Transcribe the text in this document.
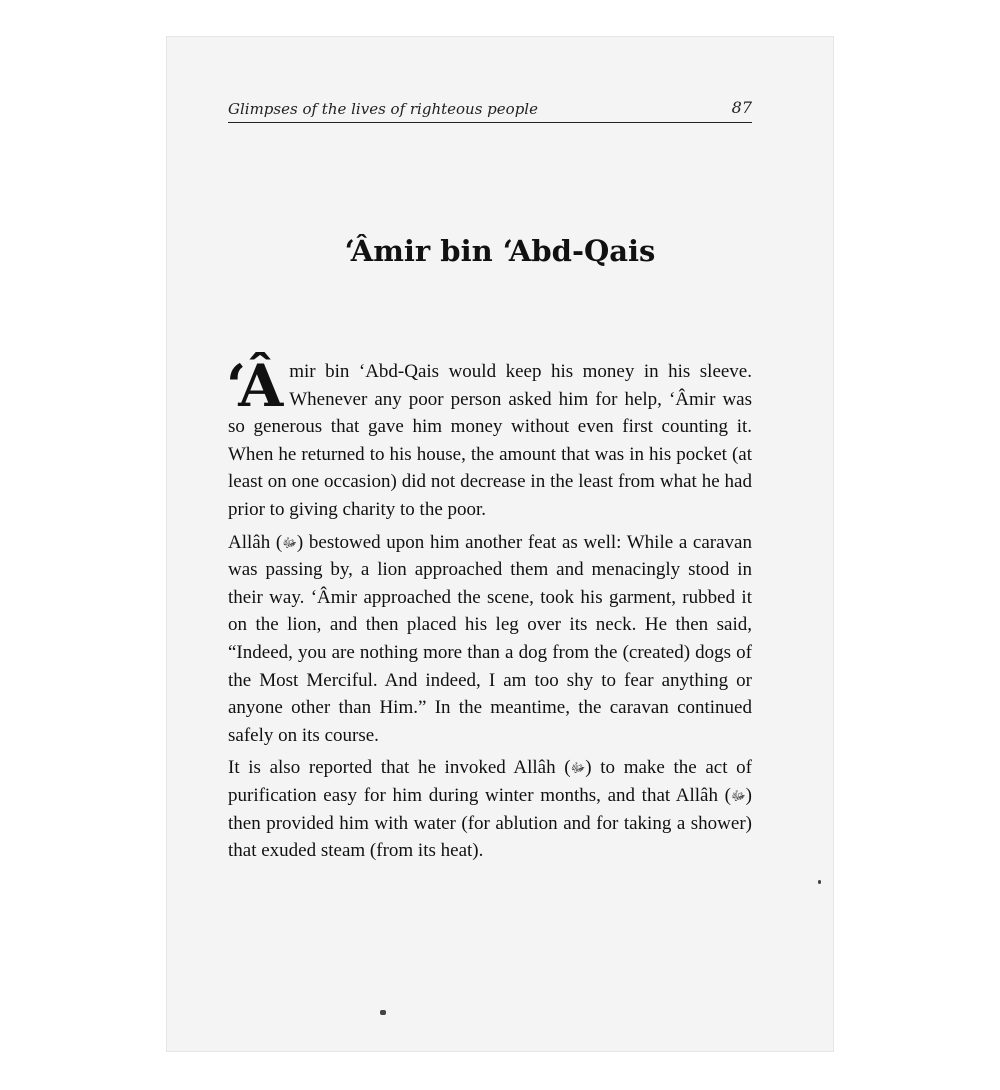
Glimpses of the lives of righteous people	87
‘Âmir bin ‘Abd-Qais

‘Âmir bin ‘Abd-Qais would keep his money in his sleeve. Whenever any poor person asked him for help, ‘Âmir was so generous that gave him money without even first counting it. When he returned to his house, the amount that was in his pocket (at least on one occasion) did not decrease in the least from what he had prior to giving charity to the poor.

Allâh (ﷻ) bestowed upon him another feat as well: While a caravan was passing by, a lion approached them and menacingly stood in their way. ‘Âmir approached the scene, took his garment, rubbed it on the lion, and then placed his leg over its neck. He then said, “Indeed, you are nothing more than a dog from the (created) dogs of the Most Merciful. And indeed, I am too shy to fear anything or anyone other than Him.” In the meantime, the caravan continued safely on its course.

It is also reported that he invoked Allâh (ﷻ) to make the act of purification easy for him during winter months, and that Allâh (ﷻ) then provided him with water (for ablution and for taking a shower) that exuded steam (from its heat).
